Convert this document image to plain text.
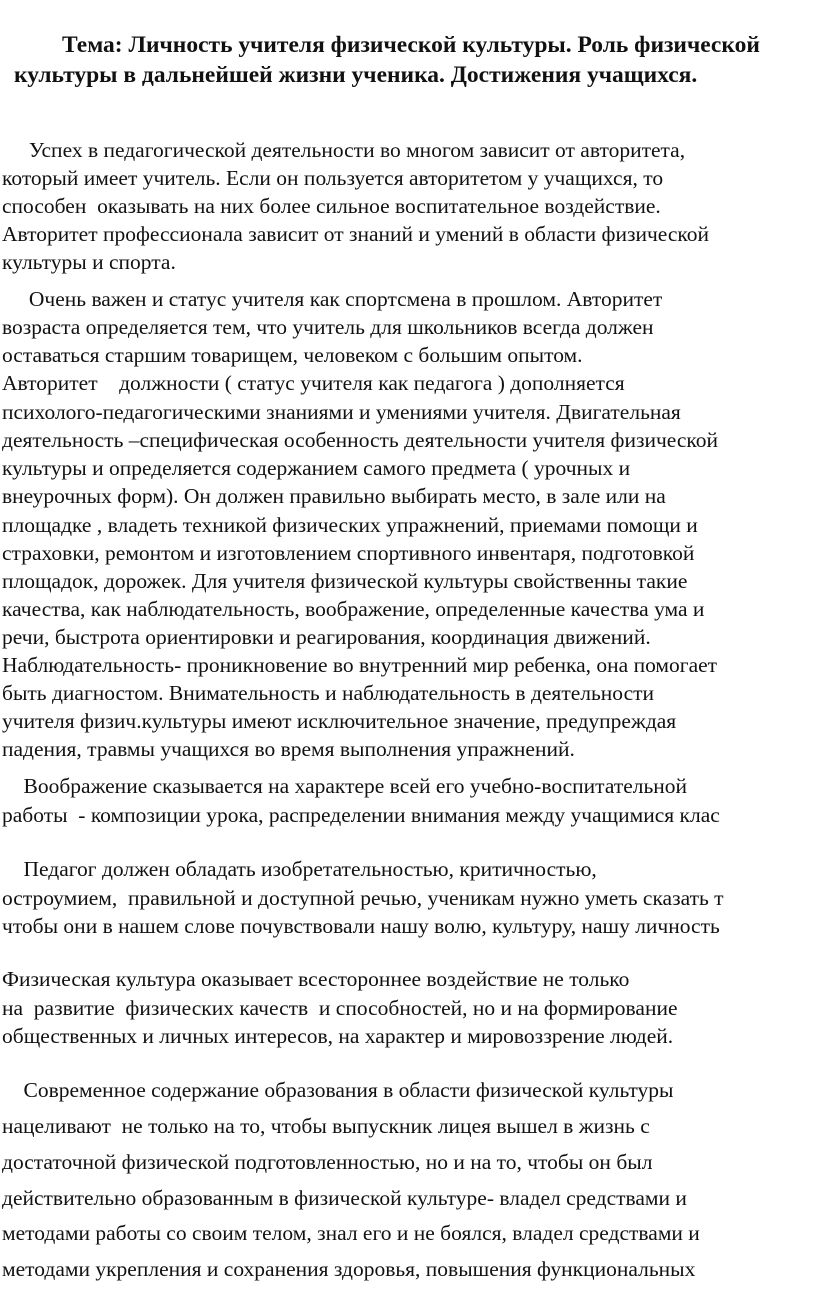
Тема: Личность учителя физической культуры. Роль физической
культуры в дальнейшей жизни ученика. Достижения учащихся.
Успех в педагогической деятельности во многом зависит от авторитета,
который имеет учитель. Если он пользуется авторитетом у учащихся, то
способен  оказывать на них более сильное воспитательное воздействие.
Авторитет профессионала зависит от знаний и умений в области физической
культуры и спорта.
Очень важен и статус учителя как спортсмена в прошлом. Авторитет
возраста определяется тем, что учитель для школьников всегда должен
оставаться старшим товарищем, человеком с большим опытом.
Авторитет    должности ( статус учителя как педагога ) дополняется
психолого-педагогическими знаниями и умениями учителя. Двигательная
деятельность –специфическая особенность деятельности учителя физической
культуры и определяется содержанием самого предмета ( урочных и
внеурочных форм). Он должен правильно выбирать место, в зале или на
площадке , владеть техникой физических упражнений, приемами помощи и
страховки, ремонтом и изготовлением спортивного инвентаря, подготовкой
площадок, дорожек. Для учителя физической культуры свойственны такие
качества, как наблюдательность, воображение, определенные качества ума и
речи, быстрота ориентировки и реагирования, координация движений.
Наблюдательность- проникновение во внутренний мир ребенка, она помогает
быть диагностом. Внимательность и наблюдательность в деятельности
учителя физич.культуры имеют исключительное значение, предупреждая
падения, травмы учащихся во время выполнения упражнений.
Воображение сказывается на характере всей его учебно-воспитательной
работы  - композиции урока, распределении внимания между учащимися клас
Педагог должен обладать изобретательностью, критичностью,
остроумием,  правильной и доступной речью, ученикам нужно уметь сказать т
чтобы они в нашем слове почувствовали нашу волю, культуру, нашу личность
Физическая культура оказывает всестороннее воздействие не только
на  развитие  физических качеств  и способностей, но и на формирование
общественных и личных интересов, на характер и мировоззрение людей.
Современное содержание образования в области физической культуры
нацеливают  не только на то, чтобы выпускник лицея вышел в жизнь с
достаточной физической подготовленностью, но и на то, чтобы он был
действительно образованным в физической культуре- владел средствами и
методами работы со своим телом, знал его и не боялся, владел средствами и
методами укрепления и сохранения здоровья, повышения функциональных
